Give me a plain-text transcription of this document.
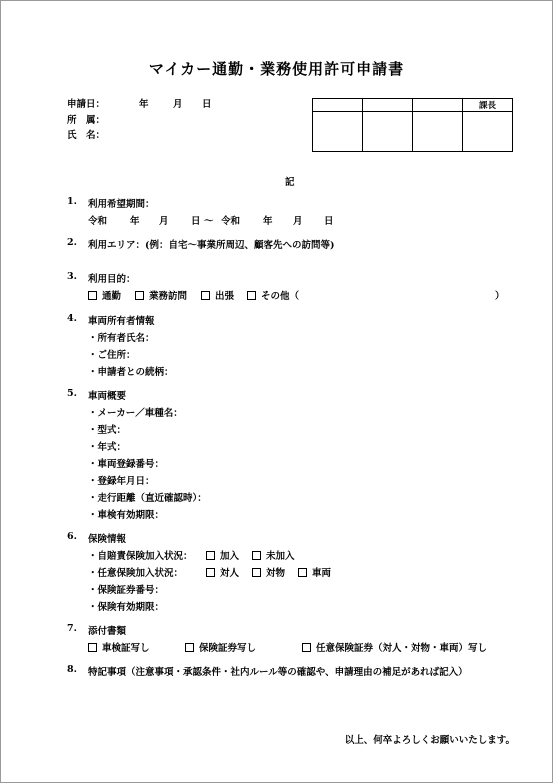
マイカー通勤・業務使用許可申請書
申請日：	年	月 日
所　属：
氏　名：
			課長

記
1. 利用希望期間：
令和 年 月 日 〜 令和 年 月 日
2. 利用エリア：(例：自宅〜事業所周辺、顧客先への訪問等)
3. 利用目的：
通勤	業務訪問	出張	その他（	）
4. 車両所有者情報
・所有者氏名：
・ご住所：
・申請者との続柄：
5. 車両概要
・メーカー／車種名：
・型式：
・年式：
・車両登録番号：
・登録年月日：
・走行距離（直近確認時）：
・車検有効期限：
6. 保険情報
・自賠責保険加入状況：	加入	未加入
・任意保険加入状況：	対人	対物	車両
・保険証券番号：
・保険有効期限：
7. 添付書類
車検証写し	保険証券写し	任意保険証券（対人・対物・車両）写し
8. 特記事項（注意事項・承認条件・社内ルール等の確認や、申請理由の補足があれば記入）
以上、何卒よろしくお願いいたします。
